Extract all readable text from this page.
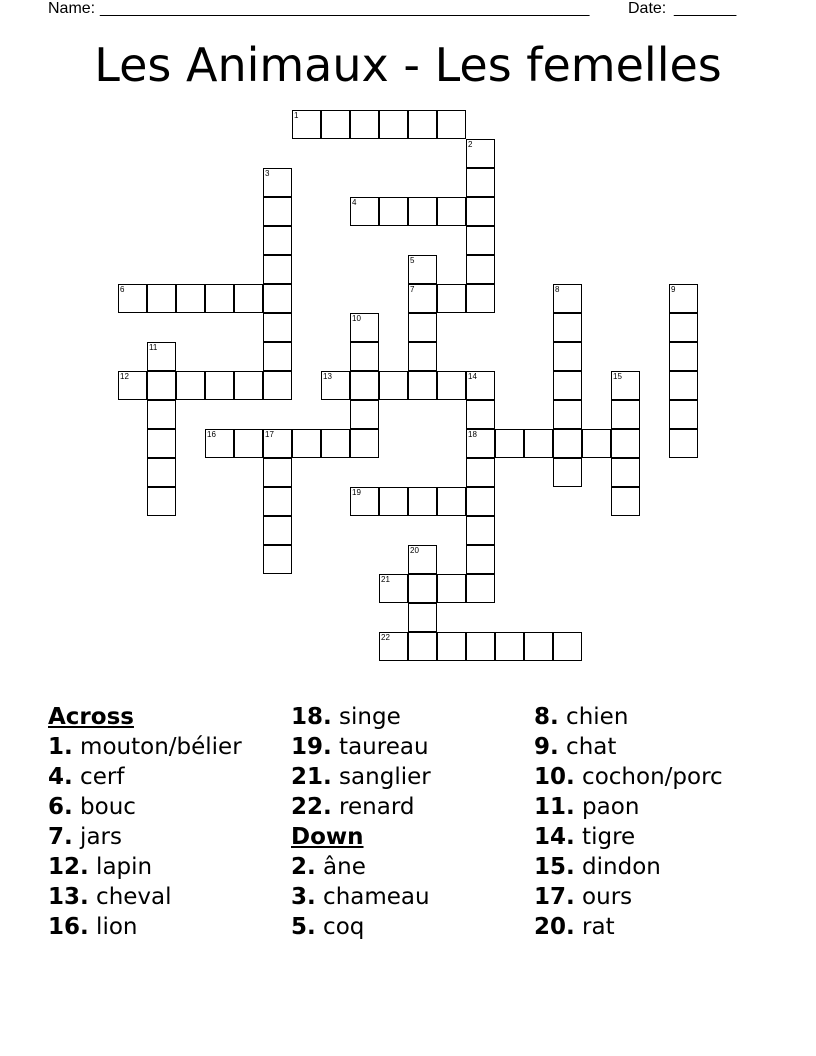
Name: _______________________________________________________ Date: _______
Les Animaux - Les femelles
1
2
3
4
5
7
6	8	9
10
11
12	13	14
18
15
16	17
19
20
21
22
Across
1. mouton/bélier
4. cerf
6. bouc
7. jars
12. lapin
13. cheval
16. lion
18. singe
19. taureau
21. sanglier
22. renard
Down
2. âne
3. chameau
5. coq
8. chien
9. chat
10. cochon/porc
11. paon
14. tigre
15. dindon
17. ours
20. rat
